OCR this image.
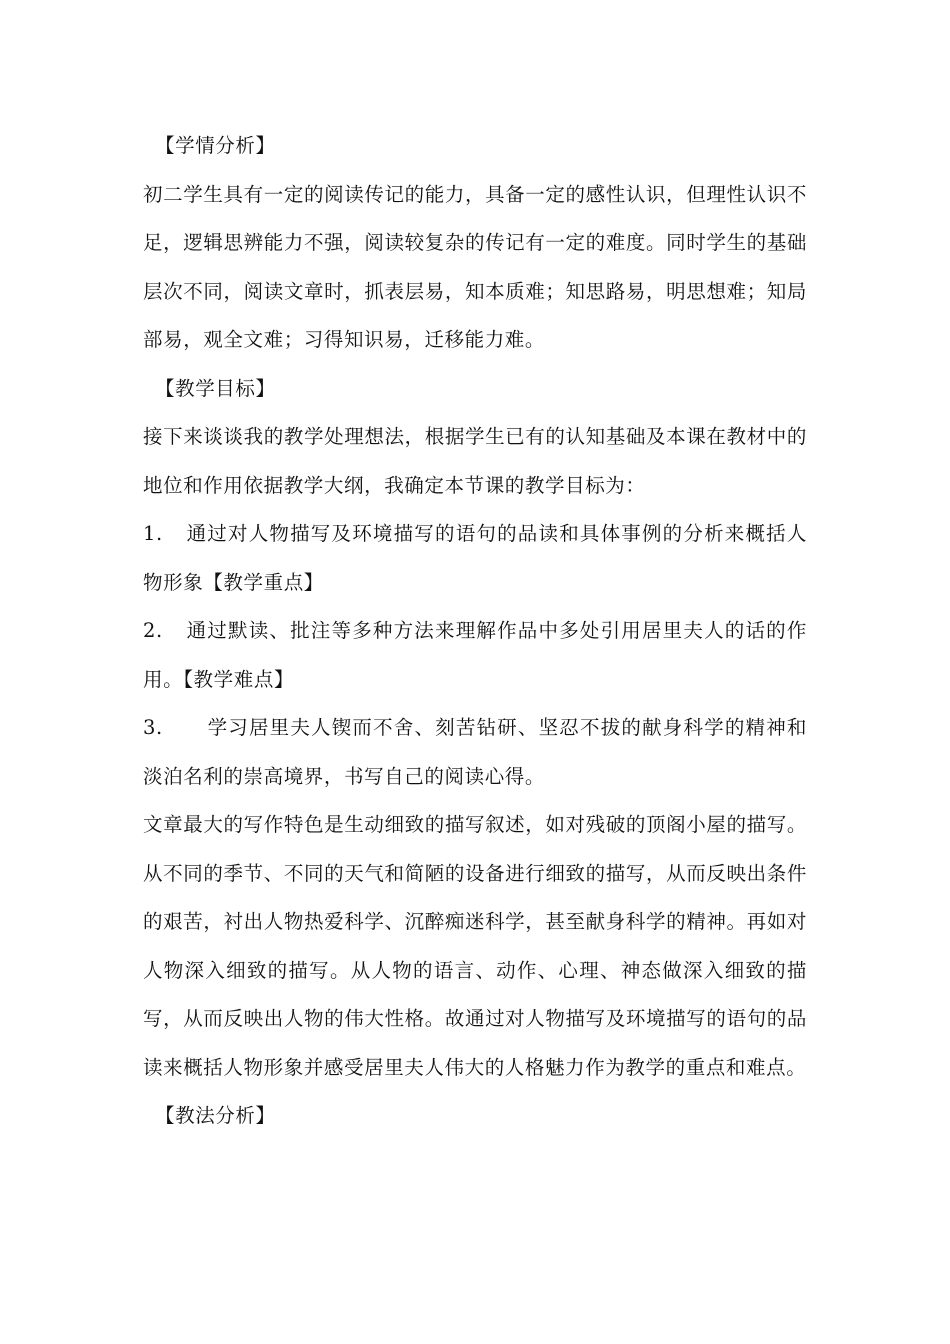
【学情分析】

初二学生具有一定的阅读传记的能力，具备一定的感性认识，但理性认识不足，逻辑思辨能力不强，阅读较复杂的传记有一定的难度。同时学生的基础层次不同，阅读文章时，抓表层易，知本质难；知思路易，明思想难；知局部易，观全文难；习得知识易，迁移能力难。

【教学目标】

接下来谈谈我的教学处理想法，根据学生已有的认知基础及本课在教材中的地位和作用依据教学大纲，我确定本节课的教学目标为：

1. 通过对人物描写及环境描写的语句的品读和具体事例的分析来概括人物形象【教学重点】

2. 通过默读、批注等多种方法来理解作品中多处引用居里夫人的话的作用。【教学难点】

3. 学习居里夫人锲而不舍、刻苦钻研、坚忍不拔的献身科学的精神和淡泊名利的崇高境界，书写自己的阅读心得。

文章最大的写作特色是生动细致的描写叙述，如对残破的顶阁小屋的描写。从不同的季节、不同的天气和简陋的设备进行细致的描写，从而反映出条件的艰苦，衬出人物热爱科学、沉醉痴迷科学，甚至献身科学的精神。再如对人物深入细致的描写。从人物的语言、动作、心理、神态做深入细致的描写，从而反映出人物的伟大性格。故通过对人物描写及环境描写的语句的品读来概括人物形象并感受居里夫人伟大的人格魅力作为教学的重点和难点。

【教法分析】
